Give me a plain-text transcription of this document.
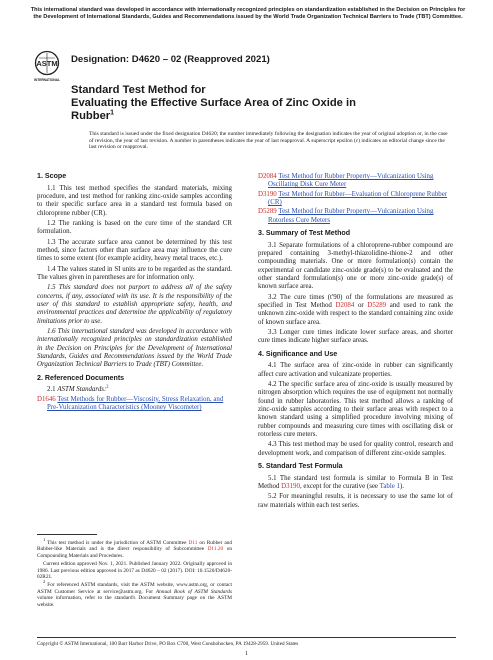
This international standard was developed in accordance with internationally recognized principles on standardization established in the Decision on Principles for the Development of International Standards, Guides and Recommendations issued by the World Trade Organization Technical Barriers to Trade (TBT) Committee.
ASTM
INTERNATIONAL
Designation: D4620 – 02 (Reapproved 2021)
Standard Test Method for
Evaluating the Effective Surface Area of Zinc Oxide in
Rubber$^1$
This standard is issued under the fixed designation D4620; the number immediately following the designation indicates the year of original adoption or, in the case of revision, the year of last revision. A number in parentheses indicates the year of last reapproval. A superscript epsilon (ε) indicates an editorial change since the last revision or reapproval.
1. Scope

1.1 This test method specifies the standard materials, mixing procedure, and test method for ranking zinc-oxide samples according to their specific surface area in a standard test formula based on chloroprene rubber (CR).

1.2 The ranking is based on the cure time of the standard CR formulation.

1.3 The accurate surface area cannot be determined by this test method, since factors other than surface area may influence the cure times to some extent (for example acidity, heavy metal traces, etc.).

1.4 The values stated in SI units are to be regarded as the standard. The values given in parentheses are for information only.

1.5 This standard does not purport to address all of the safety concerns, if any, associated with its use. It is the responsibility of the user of this standard to establish appropriate safety, health, and environmental practices and determine the applicability of regulatory limitations prior to use.

1.6 This international standard was developed in accordance with internationally recognized principles on standardization established in the Decision on Principles for the Development of International Standards, Guides and Recommendations issued by the World Trade Organization Technical Barriers to Trade (TBT) Committee.

2. Referenced Documents

2.1 ASTM Standards:$^2$

D1646 Test Methods for Rubber—Viscosity, Stress Relaxation, and Pre-Vulcanization Characteristics (Mooney Viscometer)
D2084 Test Method for Rubber Property—Vulcanization Using Oscillating Disk Cure Meter
D3190 Test Method for Rubber—Evaluation of Chloroprene Rubber (CR)
D5289 Test Method for Rubber Property—Vulcanization Using Rotorless Cure Meters
3. Summary of Test Method

3.1 Separate formulations of a chloroprene-rubber compound are prepared containing 3-methyl-thiazolidine-thione-2 and other compounding materials. One or more formulation(s) contain the experimental or candidate zinc-oxide grade(s) to be evaluated and the other standard formulation(s) one or more zinc-oxide grade(s) of known surface area.

3.2 The cure times (t'90) of the formulations are measured as specified in Test Method D2084 or D5289 and used to rank the unknown zinc-oxide with respect to the standard containing zinc oxide of known surface area.

3.3 Longer cure times indicate lower surface areas, and shorter cure times indicate higher surface areas.

4. Significance and Use

4.1 The surface area of zinc-oxide in rubber can significantly affect cure activation and vulcanizate properties.

4.2 The specific surface area of zinc-oxide is usually measured by nitrogen absorption which requires the use of equipment not normally found in rubber laboratories. This test method allows a ranking of zinc-oxide samples according to their surface areas with respect to a known standard using a simplified procedure involving mixing of rubber compounds and measuring cure times with oscillating disk or rotorless cure meters.

4.3 This test method may be used for quality control, research and development work, and comparison of different zinc-oxide samples.

5. Standard Test Formula

5.1 The standard test formula is similar to Formula B in Test Method D3190, except for the curative (see Table 1).

5.2 For meaningful results, it is necessary to use the same lot of raw materials within each test series.

$^1$ This test method is under the jurisdiction of ASTM Committee D11 on Rubber and Rubber-like Materials and is the direct responsibility of Subcommittee D11.20 on Compounding Materials and Procedures.

Current edition approved Nov. 1, 2021. Published January 2022. Originally approved in 1986. Last previous edition approved in 2017 as D4620 – 02 (2017). DOI: 10.1520/D4620-02R21.

$^2$ For referenced ASTM standards, visit the ASTM website, www.astm.org, or contact ASTM Customer Service at service@astm.org. For Annual Book of ASTM Standards volume information, refer to the standard's Document Summary page on the ASTM website.

Copyright © ASTM International, 100 Barr Harbor Drive, PO Box C700, West Conshohocken, PA 19428-2959. United States
1
